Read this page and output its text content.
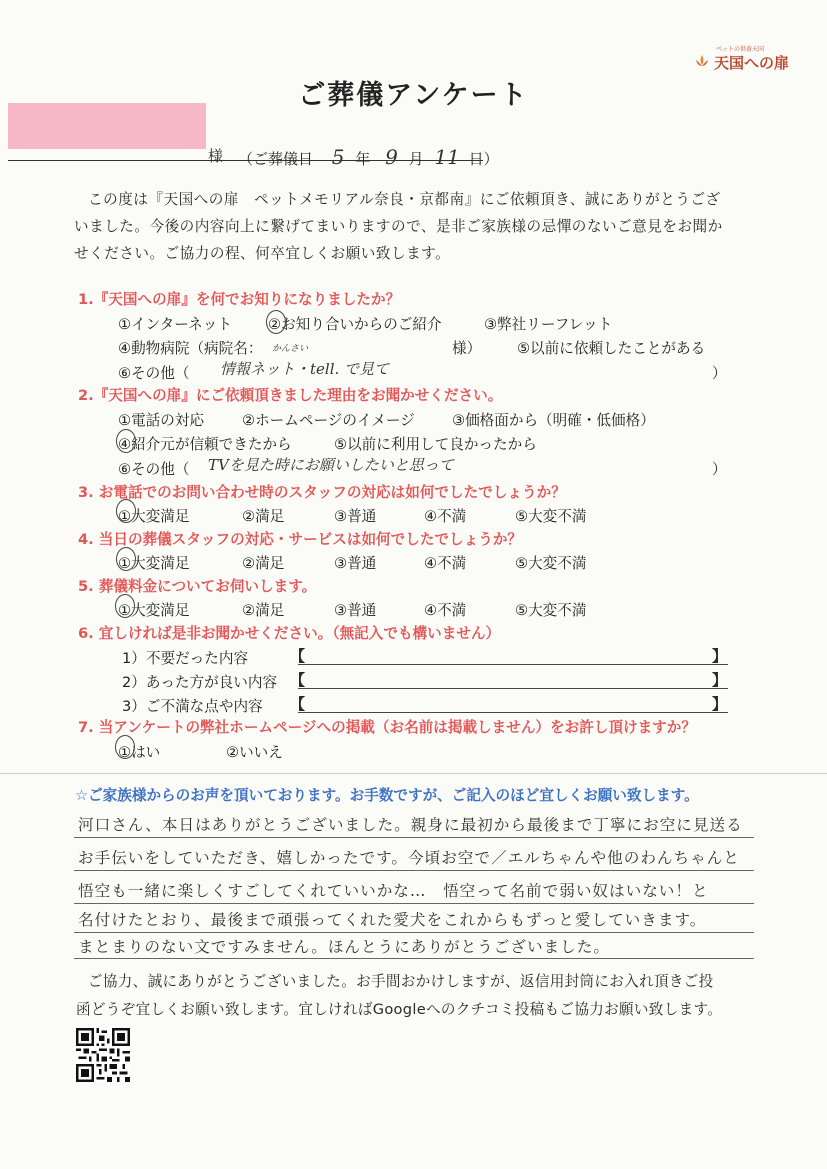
ペットの供養天国
天国への扉
ご葬儀アンケート
様 （ご葬儀日 5 年 9 月 11 日）
この度は『天国への扉　ペットメモリアル奈良・京都南』にご依頼頂き、誠にありがとうござ
いました。今後の内容向上に繋げてまいりますので、是非ご家族様の忌憚のないご意見をお聞か
せください。ご協力の程、何卒宜しくお願い致します。
1.『天国への扉』を何でお知りになりましたか？
①インターネット ②お知り合いからのご紹介	③弊社リーフレット
④動物病院（病院名：	様） ⑤以前に依頼したことがある
⑥その他（
かんさい
情報ネット・tell. で見て	）
2.『天国への扉』にご依頼頂きました理由をお聞かせください。
①電話の対応	②ホームページのイメージ	③価格面から（明確・低価格）
④紹介元が信頼できたから	⑤以前に利用して良かったから
⑥その他（ TVを見た時にお願いしたいと思って	）
3. お電話でのお問い合わせ時のスタッフの対応は如何でしたでしょうか？
①大変満足	②満足	③普通	④不満	⑤大変不満
4. 当日の葬儀スタッフの対応・サービスは如何でしたでしょうか？
①大変満足	②満足	③普通	④不満	⑤大変不満
5. 葬儀料金についてお伺いします。
①大変満足	②満足	③普通	④不満	⑤大変不満
6. 宜しければ是非お聞かせください。（無記入でも構いません）
1）不要だった内容	【	】
2）あった方が良い内容 【	】
3）ご不満な点や内容 【	】
7. 当アンケートの弊社ホームページへの掲載（お名前は掲載しません）をお許し頂けますか？
①はい	②いいえ
☆ご家族様からのお声を頂いております。お手数ですが、ご記入のほど宜しくお願い致します。
河口さん、本日はありがとうございました。親身に最初から最後まで丁寧にお空に見送る
お手伝いをしていただき、嬉しかったです。今頃お空で／エルちゃんや他のわんちゃんと
悟空も一緒に楽しくすごしてくれていいかな…　悟空って名前で弱い奴はいない！と
名付けたとおり、最後まで頑張ってくれた愛犬をこれからもずっと愛していきます。
まとまりのない文ですみません。ほんとうにありがとうございました。
ご協力、誠にありがとうございました。お手間おかけしますが、返信用封筒にお入れ頂きご投
函どうぞ宜しくお願い致します。宜しければGoogleへのクチコミ投稿もご協力お願い致します。
